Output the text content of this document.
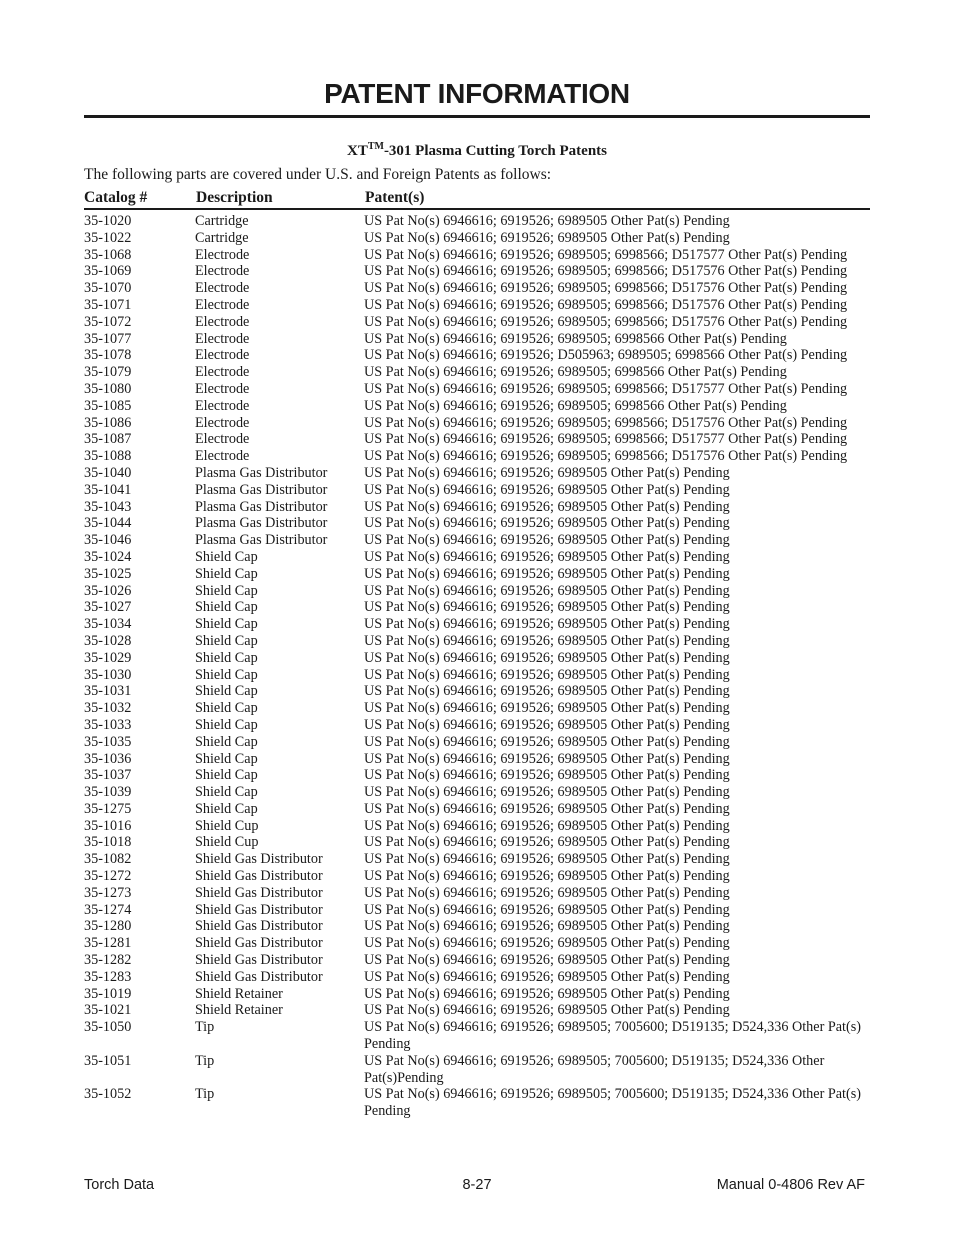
PATENT INFORMATION
XT™-301 Plasma Cutting Torch Patents
The following parts are covered under U.S. and Foreign Patents as follows:
Catalog #	Description	Patent(s)
35-1020	Cartridge	US Pat No(s) 6946616; 6919526; 6989505 Other Pat(s) Pending
35-1022	Cartridge	US Pat No(s) 6946616; 6919526; 6989505 Other Pat(s) Pending
35-1068	Electrode	US Pat No(s) 6946616; 6919526; 6989505; 6998566; D517577 Other Pat(s) Pending
35-1069	Electrode	US Pat No(s) 6946616; 6919526; 6989505; 6998566; D517576 Other Pat(s) Pending
35-1070	Electrode	US Pat No(s) 6946616; 6919526; 6989505; 6998566; D517576 Other Pat(s) Pending
35-1071	Electrode	US Pat No(s) 6946616; 6919526; 6989505; 6998566; D517576 Other Pat(s) Pending
35-1072	Electrode	US Pat No(s) 6946616; 6919526; 6989505; 6998566; D517576 Other Pat(s) Pending
35-1077	Electrode	US Pat No(s) 6946616; 6919526; 6989505; 6998566 Other Pat(s) Pending
35-1078	Electrode	US Pat No(s) 6946616; 6919526; D505963; 6989505; 6998566 Other Pat(s) Pending
35-1079	Electrode	US Pat No(s) 6946616; 6919526; 6989505; 6998566 Other Pat(s) Pending
35-1080	Electrode	US Pat No(s) 6946616; 6919526; 6989505; 6998566; D517577 Other Pat(s) Pending
35-1085	Electrode	US Pat No(s) 6946616; 6919526; 6989505; 6998566 Other Pat(s) Pending
35-1086	Electrode	US Pat No(s) 6946616; 6919526; 6989505; 6998566; D517576 Other Pat(s) Pending
35-1087	Electrode	US Pat No(s) 6946616; 6919526; 6989505; 6998566; D517577 Other Pat(s) Pending
35-1088	Electrode	US Pat No(s) 6946616; 6919526; 6989505; 6998566; D517576 Other Pat(s) Pending
35-1040	Plasma Gas Distributor	US Pat No(s) 6946616; 6919526; 6989505 Other Pat(s) Pending
35-1041	Plasma Gas Distributor	US Pat No(s) 6946616; 6919526; 6989505 Other Pat(s) Pending
35-1043	Plasma Gas Distributor	US Pat No(s) 6946616; 6919526; 6989505 Other Pat(s) Pending
35-1044	Plasma Gas Distributor	US Pat No(s) 6946616; 6919526; 6989505 Other Pat(s) Pending
35-1046	Plasma Gas Distributor	US Pat No(s) 6946616; 6919526; 6989505 Other Pat(s) Pending
35-1024	Shield Cap	US Pat No(s) 6946616; 6919526; 6989505 Other Pat(s) Pending
35-1025	Shield Cap	US Pat No(s) 6946616; 6919526; 6989505 Other Pat(s) Pending
35-1026	Shield Cap	US Pat No(s) 6946616; 6919526; 6989505 Other Pat(s) Pending
35-1027	Shield Cap	US Pat No(s) 6946616; 6919526; 6989505 Other Pat(s) Pending
35-1034	Shield Cap	US Pat No(s) 6946616; 6919526; 6989505 Other Pat(s) Pending
35-1028	Shield Cap	US Pat No(s) 6946616; 6919526; 6989505 Other Pat(s) Pending
35-1029	Shield Cap	US Pat No(s) 6946616; 6919526; 6989505 Other Pat(s) Pending
35-1030	Shield Cap	US Pat No(s) 6946616; 6919526; 6989505 Other Pat(s) Pending
35-1031	Shield Cap	US Pat No(s) 6946616; 6919526; 6989505 Other Pat(s) Pending
35-1032	Shield Cap	US Pat No(s) 6946616; 6919526; 6989505 Other Pat(s) Pending
35-1033	Shield Cap	US Pat No(s) 6946616; 6919526; 6989505 Other Pat(s) Pending
35-1035	Shield Cap	US Pat No(s) 6946616; 6919526; 6989505 Other Pat(s) Pending
35-1036	Shield Cap	US Pat No(s) 6946616; 6919526; 6989505 Other Pat(s) Pending
35-1037	Shield Cap	US Pat No(s) 6946616; 6919526; 6989505 Other Pat(s) Pending
35-1039	Shield Cap	US Pat No(s) 6946616; 6919526; 6989505 Other Pat(s) Pending
35-1275	Shield Cap	US Pat No(s) 6946616; 6919526; 6989505 Other Pat(s) Pending
35-1016	Shield Cup	US Pat No(s) 6946616; 6919526; 6989505 Other Pat(s) Pending
35-1018	Shield Cup	US Pat No(s) 6946616; 6919526; 6989505 Other Pat(s) Pending
35-1082	Shield Gas Distributor	US Pat No(s) 6946616; 6919526; 6989505 Other Pat(s) Pending
35-1272	Shield Gas Distributor	US Pat No(s) 6946616; 6919526; 6989505 Other Pat(s) Pending
35-1273	Shield Gas Distributor	US Pat No(s) 6946616; 6919526; 6989505 Other Pat(s) Pending
35-1274	Shield Gas Distributor	US Pat No(s) 6946616; 6919526; 6989505 Other Pat(s) Pending
35-1280	Shield Gas Distributor	US Pat No(s) 6946616; 6919526; 6989505 Other Pat(s) Pending
35-1281	Shield Gas Distributor	US Pat No(s) 6946616; 6919526; 6989505 Other Pat(s) Pending
35-1282	Shield Gas Distributor	US Pat No(s) 6946616; 6919526; 6989505 Other Pat(s) Pending
35-1283	Shield Gas Distributor	US Pat No(s) 6946616; 6919526; 6989505 Other Pat(s) Pending
35-1019	Shield Retainer	US Pat No(s) 6946616; 6919526; 6989505 Other Pat(s) Pending
35-1021	Shield Retainer	US Pat No(s) 6946616; 6919526; 6989505 Other Pat(s) Pending
35-1050	Tip	US Pat No(s) 6946616; 6919526; 6989505; 7005600; D519135; D524,336 Other Pat(s) Pending
35-1051	Tip	US Pat No(s) 6946616; 6919526; 6989505; 7005600; D519135; D524,336 Other Pat(s)Pending
35-1052	Tip	US Pat No(s) 6946616; 6919526; 6989505; 7005600; D519135; D524,336 Other Pat(s) Pending
Torch Data	8-27	Manual 0-4806 Rev AF
